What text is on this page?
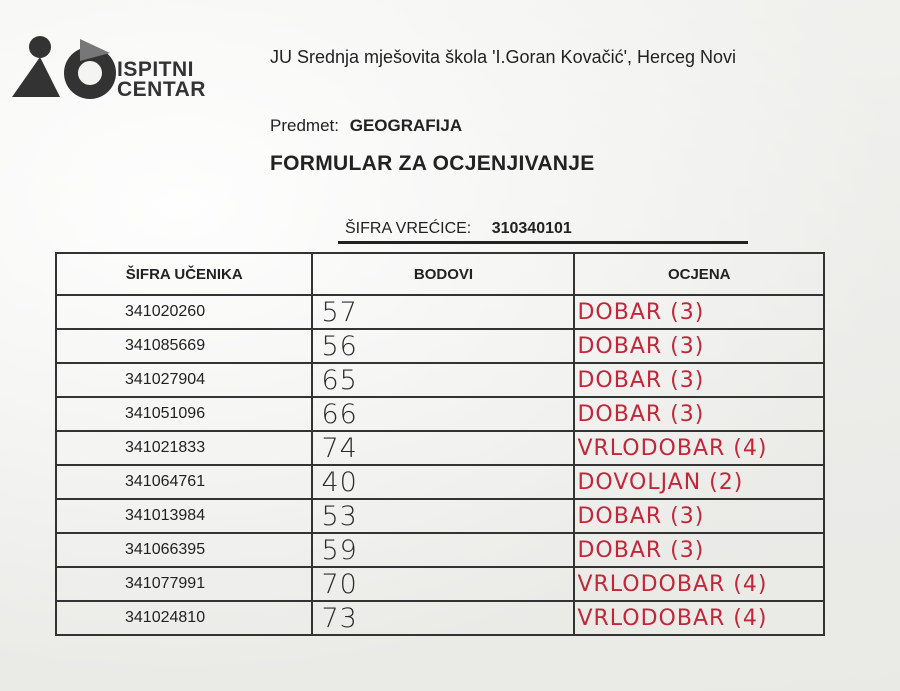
ISPITNI
CENTAR
JU Srednja mješovita škola 'I.Goran Kovačić', Herceg Novi
Predmet: GEOGRAFIJA
FORMULAR ZA OCJENJIVANJE
ŠIFRA VREĆICE: 310340101
ŠIFRA UČENIKA	BODOVI	OCJENA
341020260	57	DOBAR (3)
341085669	56	DOBAR (3)
341027904	65	DOBAR (3)
341051096	66	DOBAR (3)
341021833	74	VRLODOBAR (4)
341064761	40	DOVOLJAN (2)
341013984	53	DOBAR (3)
341066395	59	DOBAR (3)
341077991	70	VRLODOBAR (4)
341024810	73	VRLODOBAR (4)
